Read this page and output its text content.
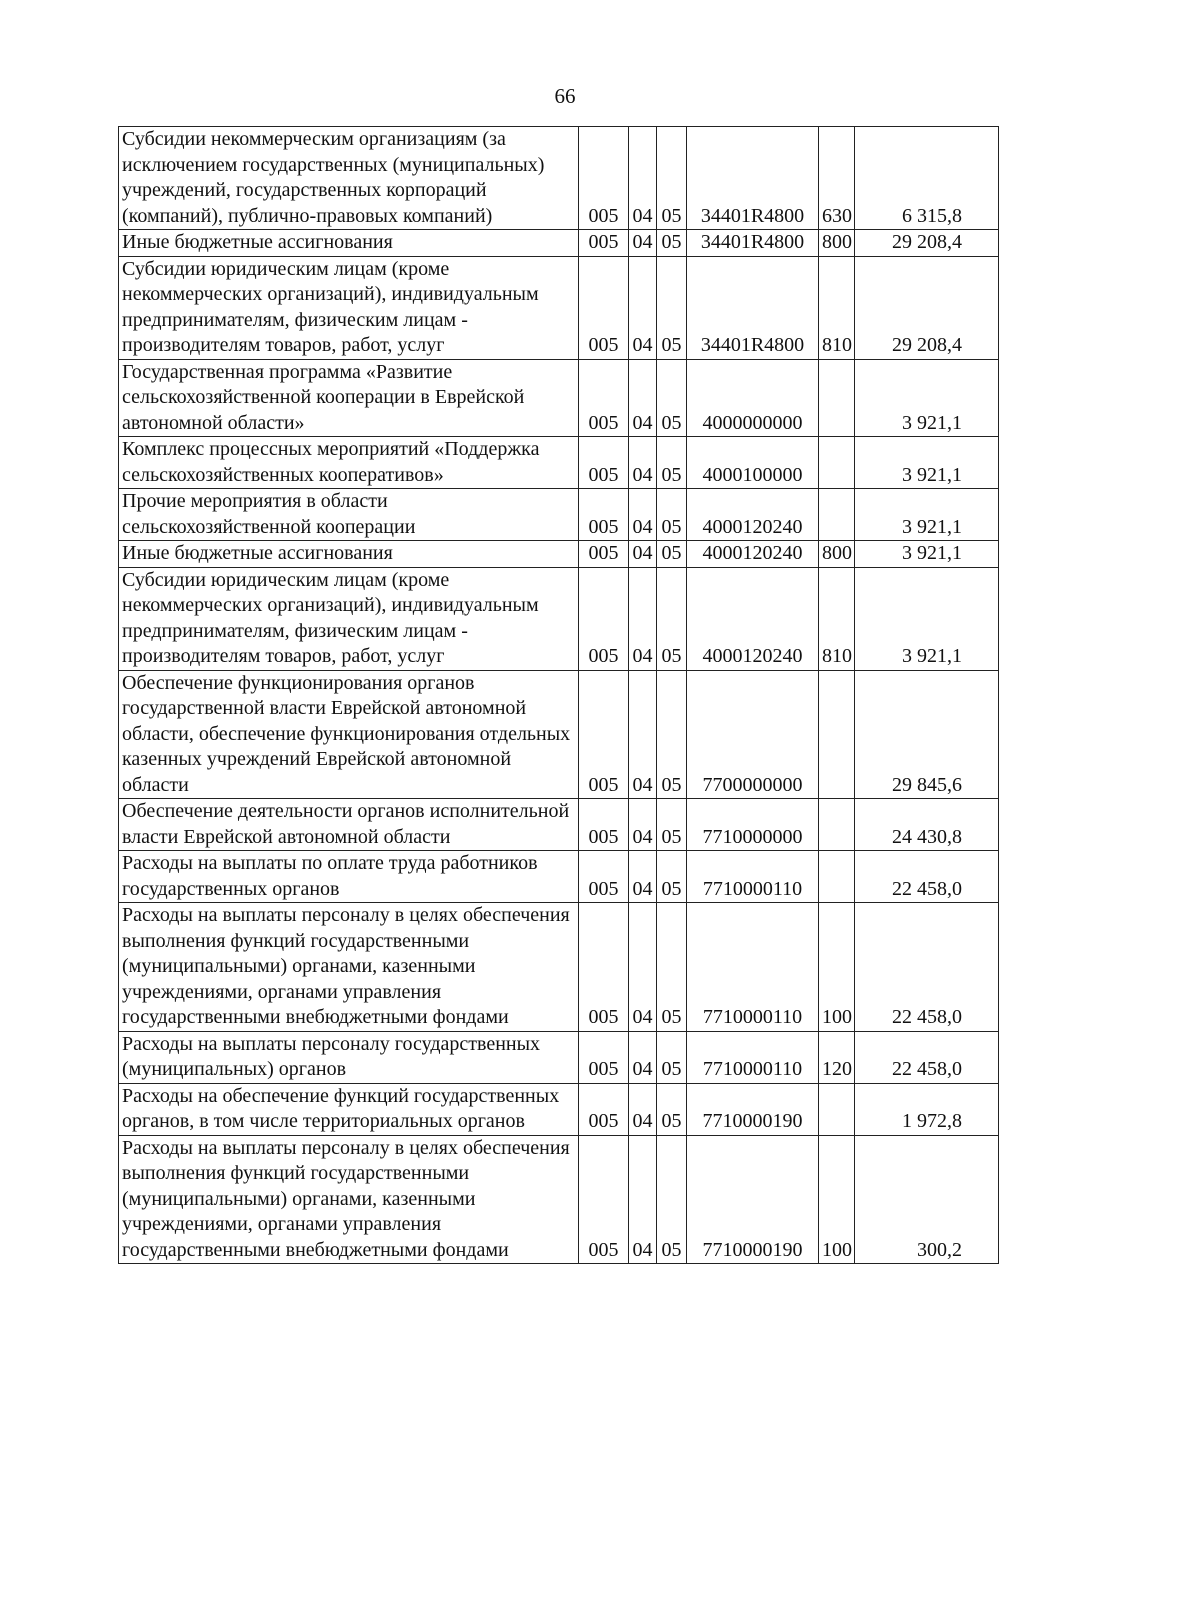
66
Субсидии некоммерческим организациям (за исключением государственных (муниципальных) учреждений, государственных корпораций (компаний), публично-правовых компаний)	005	04	05	34401R4800	630	6 315,8
Иные бюджетные ассигнования	005	04	05	34401R4800	800	29 208,4
Субсидии юридическим лицам (кроме некоммерческих организаций), индивидуальным предпринимателям, физическим лицам - производителям товаров, работ, услуг	005	04	05	34401R4800	810	29 208,4
Государственная программа «Развитие сельскохозяйственной кооперации в Еврейской автономной области»	005	04	05	4000000000		3 921,1
Комплекс процессных мероприятий «Поддержка сельскохозяйственных кооперативов»	005	04	05	4000100000		3 921,1
Прочие мероприятия в области сельскохозяйственной кооперации	005	04	05	4000120240		3 921,1
Иные бюджетные ассигнования	005	04	05	4000120240	800	3 921,1
Субсидии юридическим лицам (кроме некоммерческих организаций), индивидуальным предпринимателям, физическим лицам - производителям товаров, работ, услуг	005	04	05	4000120240	810	3 921,1
Обеспечение функционирования органов государственной власти Еврейской автономной области, обеспечение функционирования отдельных казенных учреждений Еврейской автономной области	005	04	05	7700000000		29 845,6
Обеспечение деятельности органов исполнительной власти Еврейской автономной области	005	04	05	7710000000		24 430,8
Расходы на выплаты по оплате труда работников государственных органов	005	04	05	7710000110		22 458,0
Расходы на выплаты персоналу в целях обеспечения выполнения функций государственными (муниципальными) органами, казенными учреждениями, органами управления государственными внебюджетными фондами	005	04	05	7710000110	100	22 458,0
Расходы на выплаты персоналу государственных (муниципальных) органов	005	04	05	7710000110	120	22 458,0
Расходы на обеспечение функций государственных органов, в том числе территориальных органов	005	04	05	7710000190		1 972,8
Расходы на выплаты персоналу в целях обеспечения выполнения функций государственными (муниципальными) органами, казенными учреждениями, органами управления государственными внебюджетными фондами	005	04	05	7710000190	100	300,2
